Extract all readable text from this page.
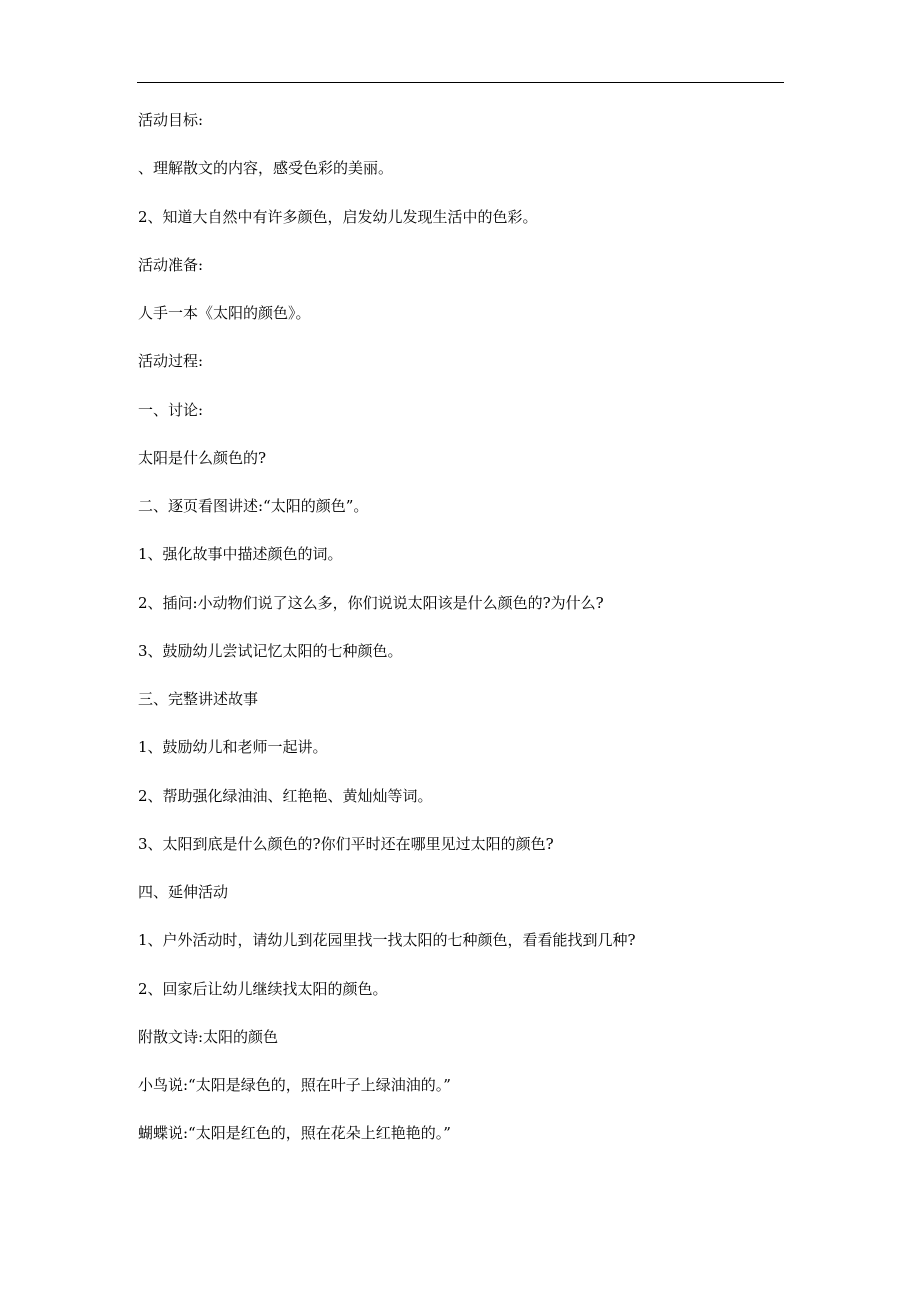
活动目标:

、理解散文的内容，感受色彩的美丽。

2、知道大自然中有许多颜色，启发幼儿发现生活中的色彩。

活动准备:

人手一本《太阳的颜色》。

活动过程:

一、讨论:

太阳是什么颜色的?

二、逐页看图讲述:“太阳的颜色”。

1、强化故事中描述颜色的词。

2、插问:小动物们说了这么多，你们说说太阳该是什么颜色的?为什么?

3、鼓励幼儿尝试记忆太阳的七种颜色。

三、完整讲述故事

1、鼓励幼儿和老师一起讲。

2、帮助强化绿油油、红艳艳、黄灿灿等词。

3、太阳到底是什么颜色的?你们平时还在哪里见过太阳的颜色?

四、延伸活动

1、户外活动时，请幼儿到花园里找一找太阳的七种颜色，看看能找到几种?

2、回家后让幼儿继续找太阳的颜色。

附散文诗:太阳的颜色

小鸟说:“太阳是绿色的，照在叶子上绿油油的。”

蝴蝶说:“太阳是红色的，照在花朵上红艳艳的。”
